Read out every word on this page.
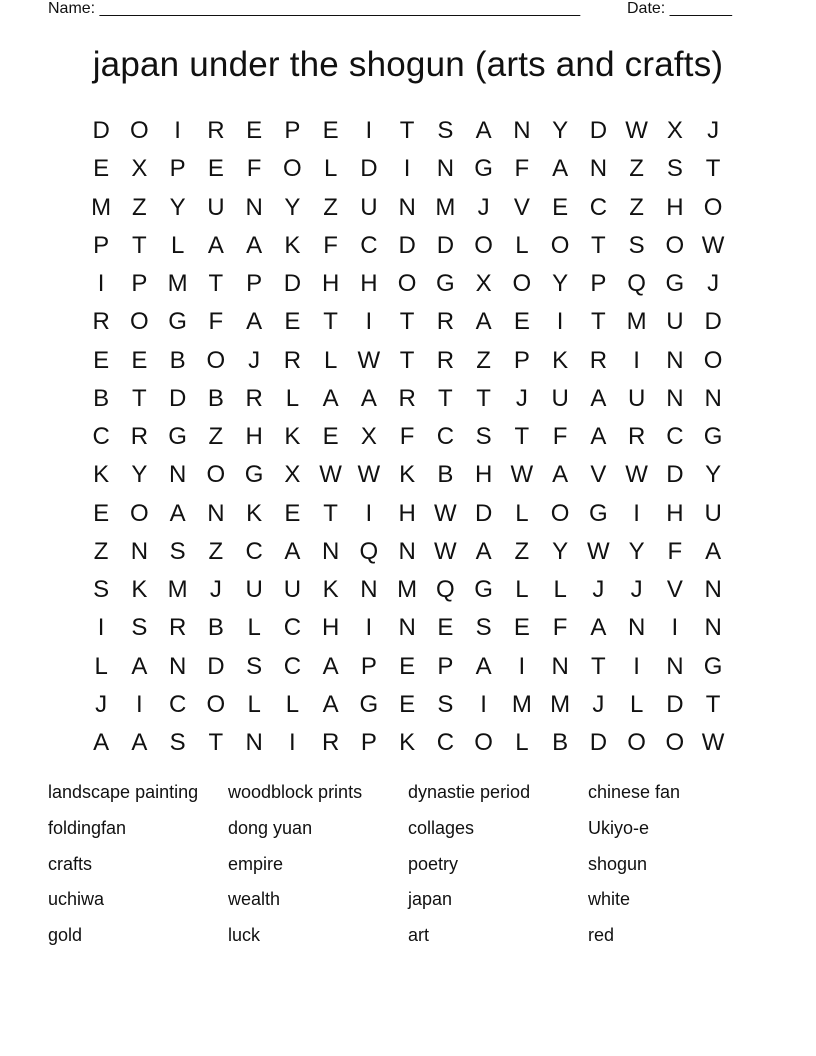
Name: ______________________________________________________	Date: _______
japan under the shogun (arts and crafts)
D O	I	R E P E	I	T S A N Y D W X	J
E X P E F O L D	I	N G F A N Z S T
M Z Y U N Y Z U N M J	V E C Z H O
P T	L A A K F C D D O L O T S O W
I	P M T P D H H O G X O Y P Q G J
R O G F A E T	I	T R A E	I	T M U D
E E B O J R L W T R Z P K R	I	N O
B T D B R L A A R T T	J U A U N N
C R G Z H K E X F C S T F A R C G
K Y N O G X W W K B H W A V W D Y
E O A N K E T	I	H W D L O G	I	H U
Z N S Z C A N Q N W A Z Y W Y F A
S K M J U U K N M Q G L	L	J	J	V N
I	S R B L C H	I	N E S E F A N	I	N
L A N D S C A P E P A	I	N T	I	N G
J	I	C O L	L A G E S	I	M M J	L D T
A A S T N	I	R P K C O L B D O O W
landscape painting	woodblock prints	dynastie period	chinese fan
foldingfan	dong yuan	collages	Ukiyo-e
crafts	empire	poetry	shogun
uchiwa	wealth	japan	white
gold	luck	art	red
